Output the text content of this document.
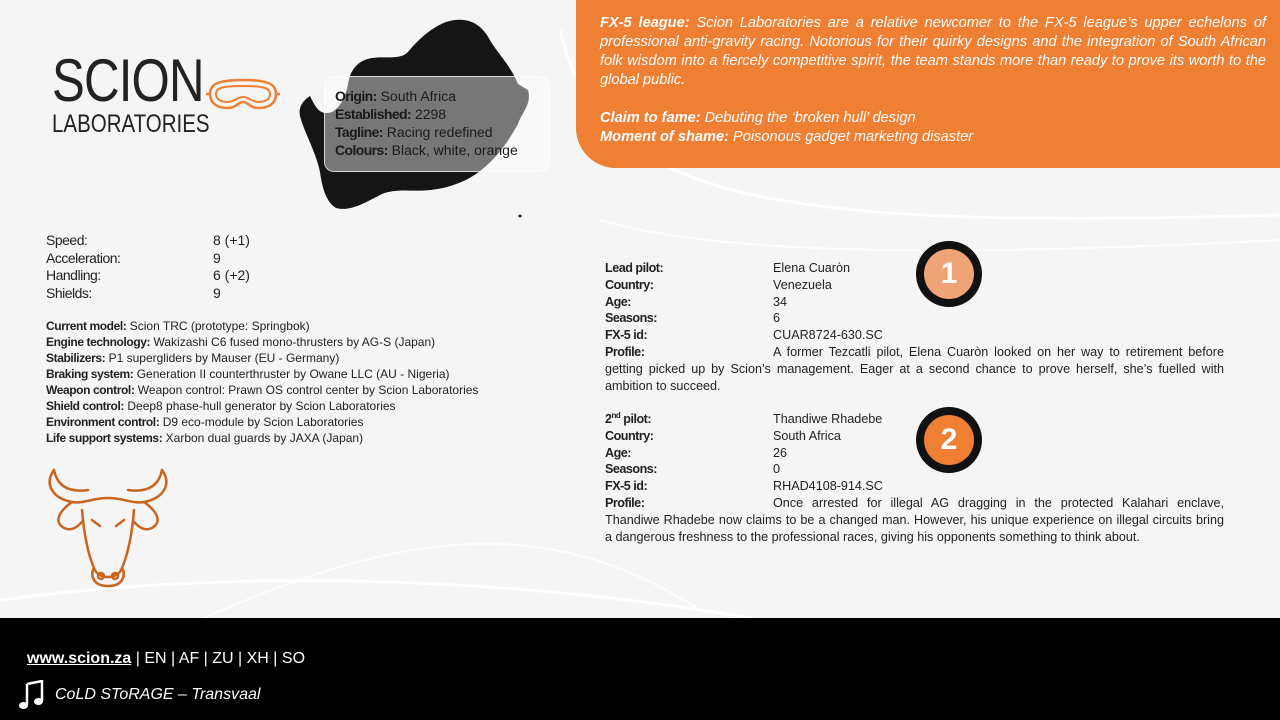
SCION
LABORATORIES
Origin: South Africa
Established: 2298
Tagline: Racing redefined
Colours: Black, white, orange

FX-5 league: Scion Laboratories are a relative newcomer to the FX-5 league’s upper echelons of professional anti-gravity racing. Notorious for their quirky designs and the integration of South African folk wisdom into a fiercely competitive spirit, the team stands more than ready to prove its worth to the global public.

Claim to fame: Debuting the ‘broken hull’ design

Moment of shame: Poisonous gadget marketing disaster

Speed:	8 (+1)
Acceleration:	9
Handling:	6 (+2)
Shields:	9
Current model: Scion TRC (prototype: Springbok)
Engine technology: Wakizashi C6 fused mono-thrusters by AG-S (Japan)
Stabilizers: P1 supergliders by Mauser (EU - Germany)
Braking system: Generation II counterthruster by Owane LLC (AU - Nigeria)
Weapon control: Weapon control: Prawn OS control center by Scion Laboratories
Shield control: Deep8 phase-hull generator by Scion Laboratories
Environment control: D9 eco-module by Scion Laboratories
Life support systems: Xarbon dual guards by JAXA (Japan)
Lead pilot:	Elena Cuaròn
Country:	Venezuela
Age:	34
Seasons:	6
FX-5 id:	CUAR8724-630.SC
Profile:	A former Tezcatli pilot, Elena Cuaròn looked on her way to retirement before getting picked up by Scion’s management. Eager at a second chance to prove herself, she’s fuelled with ambition to succeed.
1
2nd pilot:	Thandiwe Rhadebe
Country:	South Africa
Age:	26
Seasons:	0
FX-5 id:	RHAD4108-914.SC
Profile:	Once arrested for illegal AG dragging in the protected Kalahari enclave, Thandiwe Rhadebe now claims to be a changed man. However, his unique experience on illegal circuits bring a dangerous freshness to the professional races, giving his opponents something to think about.
2
www.scion.za | EN | AF | ZU | XH | SO
CoLD SToRAGE – Transvaal
